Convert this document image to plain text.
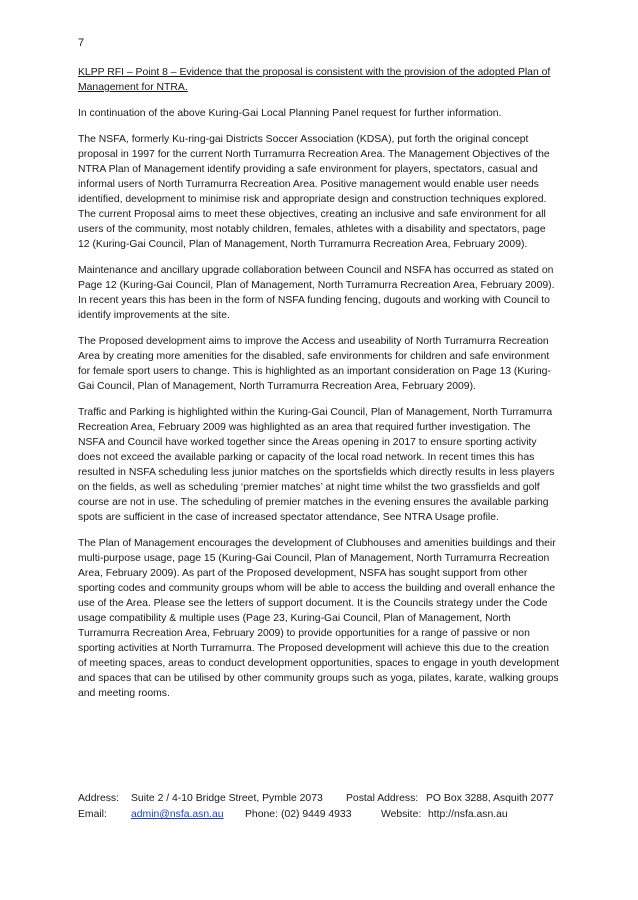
7

KLPP RFI – Point 8 – Evidence that the proposal is consistent with the provision of the adopted Plan of Management for NTRA.

In continuation of the above Kuring-Gai Local Planning Panel request for further information.

The NSFA, formerly Ku-ring-gai Districts Soccer Association (KDSA), put forth the original concept proposal in 1997 for the current North Turramurra Recreation Area. The Management Objectives of the NTRA Plan of Management identify providing a safe environment for players, spectators, casual and informal users of North Turramurra Recreation Area. Positive management would enable user needs identified, development to minimise risk and appropriate design and construction techniques explored. The current Proposal aims to meet these objectives, creating an inclusive and safe environment for all users of the community, most notably children, females, athletes with a disability and spectators, page 12 (Kuring-Gai Council, Plan of Management, North Turramurra Recreation Area, February 2009).

Maintenance and ancillary upgrade collaboration between Council and NSFA has occurred as stated on Page 12 (Kuring-Gai Council, Plan of Management, North Turramurra Recreation Area, February 2009). In recent years this has been in the form of NSFA funding fencing, dugouts and working with Council to identify improvements at the site.

The Proposed development aims to improve the Access and useability of North Turramurra Recreation Area by creating more amenities for the disabled, safe environments for children and safe environment for female sport users to change. This is highlighted as an important consideration on Page 13 (Kuring-Gai Council, Plan of Management, North Turramurra Recreation Area, February 2009).

Traffic and Parking is highlighted within the Kuring-Gai Council, Plan of Management, North Turramurra Recreation Area, February 2009 was highlighted as an area that required further investigation. The NSFA and Council have worked together since the Areas opening in 2017 to ensure sporting activity does not exceed the available parking or capacity of the local road network. In recent times this has resulted in NSFA scheduling less junior matches on the sportsfields which directly results in less players on the fields, as well as scheduling ‘premier matches’ at night time whilst the two grassfields and golf course are not in use. The scheduling of premier matches in the evening ensures the available parking spots are sufficient in the case of increased spectator attendance, See NTRA Usage profile.

The Plan of Management encourages the development of Clubhouses and amenities buildings and their multi-purpose usage, page 15 (Kuring-Gai Council, Plan of Management, North Turramurra Recreation Area, February 2009). As part of the Proposed development, NSFA has sought support from other sporting codes and community groups whom will be able to access the building and overall enhance the use of the Area. Please see the letters of support document. It is the Councils strategy under the Code usage compatibility & multiple uses (Page 23, Kuring-Gai Council, Plan of Management, North Turramurra Recreation Area, February 2009) to provide opportunities for a range of passive or non sporting activities at North Turramurra. The Proposed development will achieve this due to the creation of meeting spaces, areas to conduct development opportunities, spaces to engage in youth development and spaces that can be utilised by other community groups such as yoga, pilates, karate, walking groups and meeting rooms.

Address: Suite 2 / 4-10 Bridge Street, Pymble 2073 Postal Address: PO Box 3288, Asquith 2077
Email: admin@nsfa.asn.au Phone: (02) 9449 4933	Website: http://nsfa.asn.au
